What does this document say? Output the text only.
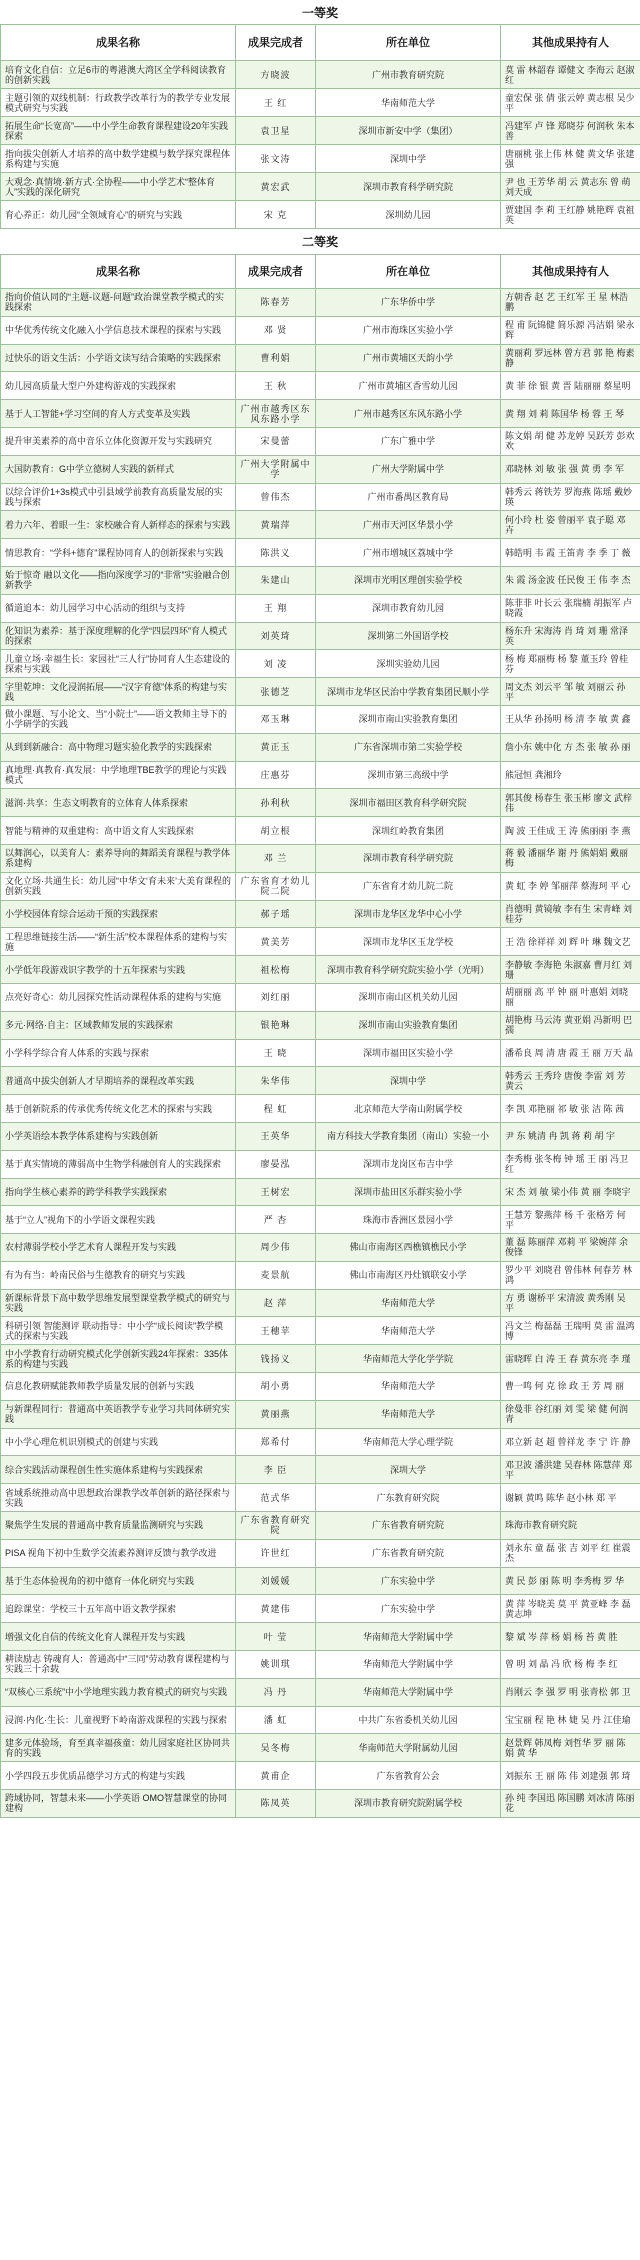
一等奖
成果名称	成果完成者	所在单位	其他成果持有人
培育文化自信：立足6市的粤港澳大湾区全学科阅读教育的创新实践	方晓波	广州市教育研究院	莫 雷 林韶春 谭健文 李海云 赵淑红
主题引领的双线机制：行政教学改革行为的教学专业发展模式研究与实践	王 红	华南师范大学	童宏保 张 倩 张云婷 黄志根 吴少平
拓展生命“长宽高”——中小学生命教育课程建设20年实践探索	袁卫星	深圳市新安中学（集团）	冯建军 卢 锋 郑晓芬 何润秋 朱本善
指向拔尖创新人才培养的高中数学建模与数学探究课程体系构建与实施	张文涛	深圳中学	唐丽桃 张上伟 林 健 黄文华 张建强
大观念·真情境·新方式·全协程——中小学艺术“整体育人”实践的深化研究	黄宏武	深圳市教育科学研究院	尹 也 王芳华 胡 云 黄志东 曾 萌 刘天成
育心养正：幼儿园“全领域育心”的研究与实践	宋 克	深圳幼儿园	贾建国 李 莉 王红静 姚艳辉 袁祖英
二等奖
成果名称	成果完成者	所在单位	其他成果持有人
指向价值认同的“主题-议题-问题”政治课堂教学模式的实践探索	陈春芳	广东华侨中学	方朝香 赵 艺 王红军 王 星 林浩鹏
中华优秀传统文化融入小学信息技术课程的探索与实践	邓 贤	广州市海珠区实验小学	程 甫 阮锦健 简乐源 冯洁娟 梁永辉
过快乐的语文生活：小学语文读写结合策略的实践探索	曹利娟	广州市黄埔区天韵小学	黄丽莉 罗远林 曾方君 郭 艳 梅素静
幼儿园高质量大型户外建构游戏的实践探索	王 秋	广州市黄埔区香雪幼儿园	黄 菲 徐 银 黄 晋 陆丽丽 蔡星明
基于人工智能+学习空间的育人方式变革及实践	广州市越秀区东风东路小学	广州市越秀区东风东路小学	黄 翔 刘 莉 陈国华 杨 蓉 王 琴
提升审美素养的高中音乐立体化资源开发与实践研究	宋曼蕾	广东广雅中学	陈文娟 胡 健 苏龙婷 吴跃芳 彭欢欢
大国防教育：G中学立德树人实践的新样式	广州大学附属中学	广州大学附属中学	邓晓林 刘 敏 张 强 黄 勇 李 军
以综合评价1+3s模式中引县域学前教育高质量发展的实践与探索	曾伟杰	广州市番禺区教育局	韩秀云 蒋铁芳 罗海燕 陈瑶 戴妙瑛
着力六年、着眼一生：家校融合育人新样态的探索与实践	黄瑞萍	广州市天河区华景小学	何小玲 杜 姿 曾丽平 袁子聪 邓 卉
情思教育：“学科+德育”课程协同育人的创新探索与实践	陈洪义	广州市增城区荔城中学	韩皓明 韦 霞 王笛青 李 季 丁 薇
始于惊奇 融以文化——指向深度学习的“非常”实验融合创新教学	朱建山	深圳市光明区理创实验学校	朱 霞 汤金波 任民俊 王 伟 李 杰
循道追本：幼儿园学习中心活动的组织与支持	王 翔	深圳市教育幼儿园	陈菲菲 叶长云 张瑞楠 胡振军 卢晓霞
化知识为素养：基于深度理解的化学“四层四环”育人模式的探索	刘英琦	深圳第二外国语学校	杨东升 宋海涛 肖 琦 刘 珊 常泽英
儿童立场·幸福生长：家园社“三人行”协同育人生态建设的探索与实践	刘 凌	深圳实验幼儿园	杨 梅 郑丽梅 杨 黎 董玉玲 曾桂芬
字里乾坤：文化浸润拓展——“汉字育德”体系的构建与实践	张德芝	深圳市龙华区民治中学教育集团民顺小学	周文杰 刘云平 邹 敏 刘丽云 孙 平
做小课题、写小论文、当“小院士”——语文教师主导下的小学研学的实践	邓玉琳	深圳市南山实验教育集团	王从华 孙扬明 杨 清 李 敏 黄 鑫
从到到新融合：高中物理习题实验化教学的实践探索	黄正玉	广东省深圳市第二实验学校	詹小东 姚中化 方 杰 张 敏 孙 丽
真地理·真教育·真发展：中学地理TBE教学的理论与实践模式	庄惠芬	深圳市第三高级中学	熊冠恒 龚湘玲
滋润·共享：生态文明教育的立体育人体系探索	孙利秋	深圳市福田区教育科学研究院	郭其俊 杨春生 张玉彬 廖文 武梓伟
智能与精神的双重建构：高中语文育人实践探索	胡立根	深圳红岭教育集团	陶 波 王佳成 王 涛 熊丽丽 李 燕
以舞润心，以美育人：素养导向的舞蹈美育课程与教学体系建构	邓 兰	深圳市教育科学研究院	蒋 毅 潘丽华 谢 丹 熊娟娟 戴丽梅
文化立场·共通生长：幼儿园“中华文‘育未来’大美育课程的创新实践	广东省育才幼儿院二院	广东省育才幼儿院二院	黄 虹 李 婷 邹丽萍 蔡海珂 平 心
小学校园体育综合运动干预的实践探索	郝子瑶	深圳市龙华区龙华中心小学	肖德明 黄镜敏 李有生 宋青峰 刘桂芬
工程思维链接生活——“新生活”校本课程体系的建构与实施	黄美芳	深圳市龙华区玉龙学校	王 浩 徐祥祥 刘 辉 叶 琳 魏文艺
小学低年段游戏识字教学的十五年探索与实践	祖松梅	深圳市教育科学研究院实验小学（光明）	李静敏 李海艳 朱淑嘉 曹月红 刘 珊
点亮好奇心：幼儿园探究性活动课程体系的建构与实施	刘红丽	深圳市南山区机关幼儿园	胡丽丽 高 平 钟 丽 叶惠娟 刘晓丽
多元·网络·自主：区域教师发展的实践探索	银艳琳	深圳市南山实验教育集团	胡艳梅 马云涛 黄亚娟 冯新明 巴 孺
小学科学综合育人体系的实践与探索	王 晓	深圳市福田区实验小学	潘希良 周 清 唐 霞 王 丽 万天 晶
普通高中拔尖创新人才早期培养的课程改革实践	朱华伟	深圳中学	韩秀云 王秀玲 唐俊 李雷 刘 芳 黄云
基于创新院系的传承优秀传统文化艺术的探索与实践	程 虹	北京师范大学南山附属学校	李 凯 邓艳丽 祁 敏 张 洁 陈 茜
小学英语绘本教学体系建构与实践创新	王英华	南方科技大学教育集团（南山）实验一小	尹 东 姚清 冉 凯 蒋 莉 胡 宇
基于真实情境的薄弱高中生物学科融创育人的实践探索	廖晏泓	深圳市龙岗区布吉中学	李秀梅 张冬梅 钟 瑶 王 丽 冯卫红
指向学生核心素养的跨学科教学实践探索	王树宏	深圳市盐田区乐群实验小学	宋 杰 刘 敏 梁小伟 黄 丽 李晓宇
基于“立人”视角下的小学语文课程实践	严 杏	珠海市香洲区景园小学	王慧芳 黎燕萍 杨 千 张格芳 何 平
农村薄弱学校小学艺术育人课程开发与实践	周少伟	佛山市南海区西樵镇樵民小学	董 磊 陈丽萍 邓莉 平 梁婉萍 余俊锋
有为有当：岭南民俗与生德教育的研究与实践	麦景航	佛山市南海区丹灶镇联安小学	罗少平 刘晓君 曾伟林 何春芳 林 鸿
新课标背景下高中数学思维发展型课堂教学模式的研究与实践	赵 萍	华南师范大学	方 勇 谢桥平 宋清波 黄秀刚 吴 平
科研引领 智能测评 联动指导：中小学“成长阅读”教学模式的探索与实践	王穗苹	华南师范大学	冯文兰 梅磊磊 王瑞明 莫 雷 温鸿博
中小学教育行动研究模式化学创新实践24年探索：335体系的构建与实践	钱扬义	华南师范大学化学学院	雷晓晖 白 涛 王 春 黄东亮 李 瑾
信息化教研赋能教师教学质量发展的创新与实践	胡小勇	华南师范大学	曹一鸣 何 克 徐 政 王 芳 周 丽
与新课程同行：普通高中英语教学专业学习共同体研究实践	黄丽燕	华南师范大学	徐曼菲 谷红丽 刘 雯 梁 健 何润青
中小学心理危机识别模式的创建与实践	郑希付	华南师范大学心理学院	邓立新 赵 超 曾祥龙 李 宁 许 静
综合实践活动课程创生性实施体系建构与实践探索	李 臣	深圳大学	邓卫波 潘洪建 吴春林 陈慧萍 郑 平
省域系统推动高中思想政治课教学改革创新的路径探索与实践	范式华	广东教育研究院	谢颖 黄鸣 陈华 赵小林 郑 平
聚焦学生发展的普通高中教育质量监测研究与实践	广东省教育研究院	广东省教育研究院	珠海市教育研究院
PISA 视角下初中生数学交流素养测评反馈与教学改进	许世红	广东省教育研究院	刘永东 童 磊 张 吉 刘平 红 崔震 杰
基于生态体验视角的初中德育一体化研究与实践	刘媛媛	广东实验中学	黄 民 彭 丽 陈 明 李秀梅 罗 华
追踪课堂：学校三十五年高中语文教学探索	黄建伟	广东实验中学	黄 萍 岑晓美 莫 平 黄亚峰 李 磊 黄志坤
增强文化自信的传统文化育人课程开发与实践	叶 莹	华南师范大学附属中学	黎 斌 岑 萍 杨 娟 杨 苔 黄 胜
耕读励志 铸魂育人：普通高中“三同”劳动教育课程建构与实践三十余载	姚训琪	华南师范大学附属中学	曾 明 刘 晶 冯 欣 杨 梅 李 红
“双核心三系统”中小学地理实践力教育模式的研究与实践	冯 丹	华南师范大学附属中学	肖刚云 李 强 罗 明 张青松 郭 卫
浸润·内化·生长：儿童视野下岭南游戏课程的实践与探索	潘 虹	中共广东省委机关幼儿园	宝宝丽 程 艳 林 婕 吴 丹 江佳瑜
建多元体验场，育至真幸福孩童：幼儿园家庭社区协同共育的实践	吴冬梅	华南师范大学附属幼儿园	赵景辉 韩凤梅 刘哲华 罗 丽 陈 娟 黄 华
小学四段五步优质品德学习方式的构建与实践	黄甫企	广东省教育公会	刘振东 王 丽 陈 伟 刘建强 郭 琦
跨域协同，智慧未来——小学英语 OMO智慧课堂的协同建构	陈凤英	深圳市教育研究院附属学校	孙 纯 李国迅 陈国鹏 刘冰清 陈丽花
